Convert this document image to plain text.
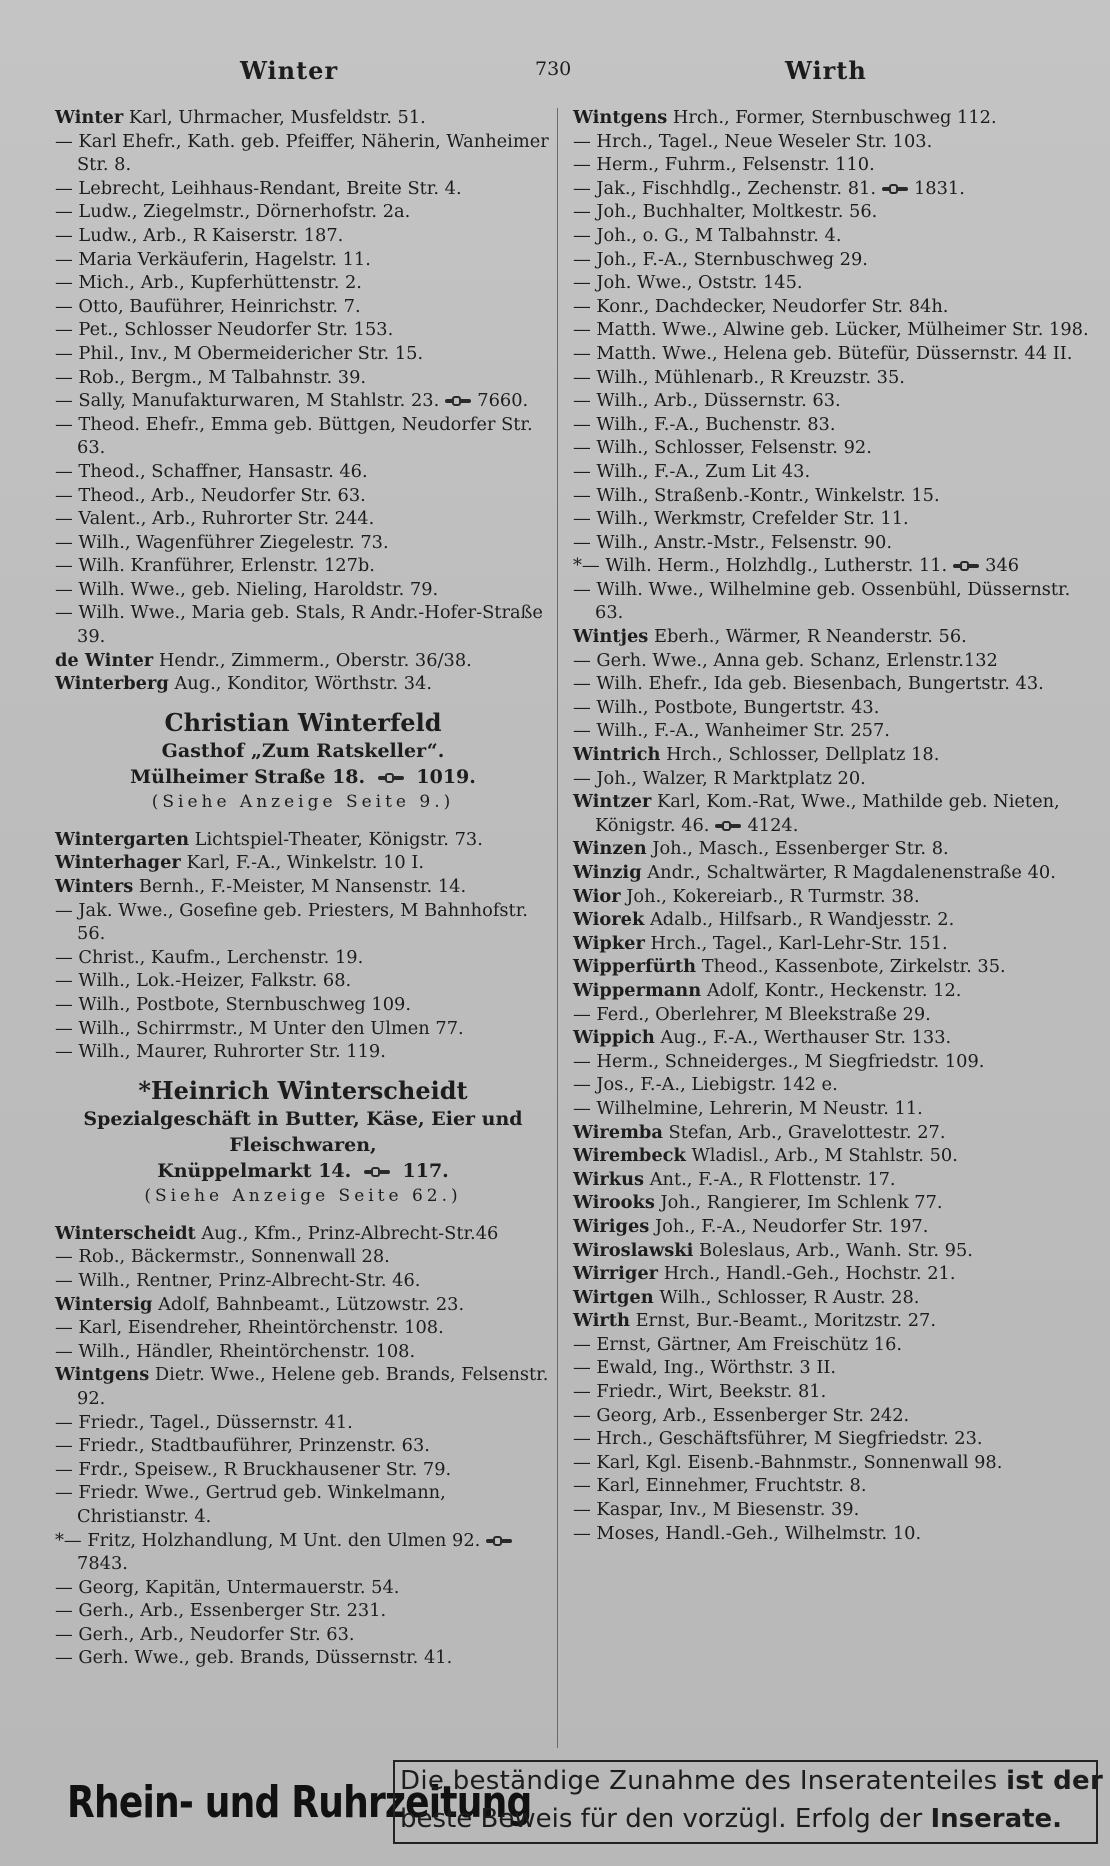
Winter	730	Wirth
Winter Karl, Uhrmacher, Musfeldstr. 51.
— Karl Ehefr., Kath. geb. Pfeiffer, Näherin, Wanheimer Str. 8.
— Lebrecht, Leihhaus-Rendant, Breite Str. 4.
— Ludw., Ziegelmstr., Dörnerhofstr. 2a.
— Ludw., Arb., R Kaiserstr. 187.
— Maria Verkäuferin, Hagelstr. 11.
— Mich., Arb., Kupferhüttenstr. 2.
— Otto, Bauführer, Heinrichstr. 7.
— Pet., Schlosser Neudorfer Str. 153.
— Phil., Inv., M Obermeidericher Str. 15.
— Rob., Bergm., M Talbahnstr. 39.
— Sally, Manufakturwaren, M Stahlstr. 23. 7660.
— Theod. Ehefr., Emma geb. Büttgen, Neudorfer Str. 63.
— Theod., Schaffner, Hansastr. 46.
— Theod., Arb., Neudorfer Str. 63.
— Valent., Arb., Ruhrorter Str. 244.
— Wilh., Wagenführer Ziegelestr. 73.
— Wilh. Kranführer, Erlenstr. 127b.
— Wilh. Wwe., geb. Nieling, Haroldstr. 79.
— Wilh. Wwe., Maria geb. Stals, R Andr.-Hofer-Straße 39.
de Winter Hendr., Zimmerm., Oberstr. 36/38.
Winterberg Aug., Konditor, Wörthstr. 34.
Christian Winterfeld
Gasthof „Zum Ratskeller“.
Mülheimer Straße 18.	1019.
(Siehe Anzeige Seite 9.)
Wintergarten Lichtspiel-Theater, Königstr. 73.
Winterhager Karl, F.-A., Winkelstr. 10 I.
Winters Bernh., F.-Meister, M Nansenstr. 14.
— Jak. Wwe., Gosefine geb. Priesters, M Bahnhofstr. 56.
— Christ., Kaufm., Lerchenstr. 19.
— Wilh., Lok.-Heizer, Falkstr. 68.
— Wilh., Postbote, Sternbuschweg 109.
— Wilh., Schirrmstr., M Unter den Ulmen 77.
— Wilh., Maurer, Ruhrorter Str. 119.
*Heinrich Winterscheidt
Spezialgeschäft in Butter, Käse, Eier und
Fleischwaren,
Knüppelmarkt 14.	117.
(Siehe Anzeige Seite 62.)
Winterscheidt Aug., Kfm., Prinz-Albrecht-Str.46
— Rob., Bäckermstr., Sonnenwall 28.
— Wilh., Rentner, Prinz-Albrecht-Str. 46.
Wintersig Adolf, Bahnbeamt., Lützowstr. 23.
— Karl, Eisendreher, Rheintörchenstr. 108.
— Wilh., Händler, Rheintörchenstr. 108.
Wintgens Dietr. Wwe., Helene geb. Brands, Felsenstr. 92.
— Friedr., Tagel., Düssernstr. 41.
— Friedr., Stadtbauführer, Prinzenstr. 63.
— Frdr., Speisew., R Bruckhausener Str. 79.
— Friedr. Wwe., Gertrud geb. Winkelmann, Christianstr. 4.
*— Fritz, Holzhandlung, M Unt. den Ulmen 92.7843.
— Georg, Kapitän, Untermauerstr. 54.
— Gerh., Arb., Essenberger Str. 231.
— Gerh., Arb., Neudorfer Str. 63.
— Gerh. Wwe., geb. Brands, Düssernstr. 41.
Wintgens Hrch., Former, Sternbuschweg 112.
— Hrch., Tagel., Neue Weseler Str. 103.
— Herm., Fuhrm., Felsenstr. 110.
— Jak., Fischhdlg., Zechenstr. 81. 1831.
— Joh., Buchhalter, Moltkestr. 56.
— Joh., o. G., M Talbahnstr. 4.
— Joh., F.-A., Sternbuschweg 29.
— Joh. Wwe., Oststr. 145.
— Konr., Dachdecker, Neudorfer Str. 84h.
— Matth. Wwe., Alwine geb. Lücker, Mülheimer Str. 198.
— Matth. Wwe., Helena geb. Bütefür, Düssernstr. 44 II.
— Wilh., Mühlenarb., R Kreuzstr. 35.
— Wilh., Arb., Düssernstr. 63.
— Wilh., F.-A., Buchenstr. 83.
— Wilh., Schlosser, Felsenstr. 92.
— Wilh., F.-A., Zum Lit 43.
— Wilh., Straßenb.-Kontr., Winkelstr. 15.
— Wilh., Werkmstr, Crefelder Str. 11.
— Wilh., Anstr.-Mstr., Felsenstr. 90.
*— Wilh. Herm., Holzhdlg., Lutherstr. 11. 346
— Wilh. Wwe., Wilhelmine geb. Ossenbühl, Düssernstr. 63.
Wintjes Eberh., Wärmer, R Neanderstr. 56.
— Gerh. Wwe., Anna geb. Schanz, Erlenstr.132
— Wilh. Ehefr., Ida geb. Biesenbach, Bungertstr. 43.
— Wilh., Postbote, Bungertstr. 43.
— Wilh., F.-A., Wanheimer Str. 257.
Wintrich Hrch., Schlosser, Dellplatz 18.
— Joh., Walzer, R Marktplatz 20.
Wintzer Karl, Kom.-Rat, Wwe., Mathilde geb. Nieten, Königstr. 46. 4124.
Winzen Joh., Masch., Essenberger Str. 8.
Winzig Andr., Schaltwärter, R Magdalenenstraße 40.
Wior Joh., Kokereiarb., R Turmstr. 38.
Wiorek Adalb., Hilfsarb., R Wandjesstr. 2.
Wipker Hrch., Tagel., Karl-Lehr-Str. 151.
Wipperfürth Theod., Kassenbote, Zirkelstr. 35.
Wippermann Adolf, Kontr., Heckenstr. 12.
— Ferd., Oberlehrer, M Bleekstraße 29.
Wippich Aug., F.-A., Werthauser Str. 133.
— Herm., Schneiderges., M Siegfriedstr. 109.
— Jos., F.-A., Liebigstr. 142 e.
— Wilhelmine, Lehrerin, M Neustr. 11.
Wiremba Stefan, Arb., Gravelottestr. 27.
Wirembeck Wladisl., Arb., M Stahlstr. 50.
Wirkus Ant., F.-A., R Flottenstr. 17.
Wirooks Joh., Rangierer, Im Schlenk 77.
Wiriges Joh., F.-A., Neudorfer Str. 197.
Wiroslawski Boleslaus, Arb., Wanh. Str. 95.
Wirriger Hrch., Handl.-Geh., Hochstr. 21.
Wirtgen Wilh., Schlosser, R Austr. 28.
Wirth Ernst, Bur.-Beamt., Moritzstr. 27.
— Ernst, Gärtner, Am Freischütz 16.
— Ewald, Ing., Wörthstr. 3 II.
— Friedr., Wirt, Beekstr. 81.
— Georg, Arb., Essenberger Str. 242.
— Hrch., Geschäftsführer, M Siegfriedstr. 23.
— Karl, Kgl. Eisenb.-Bahnmstr., Sonnenwall 98.
— Karl, Einnehmer, Fruchtstr. 8.
— Kaspar, Inv., M Biesenstr. 39.
— Moses, Handl.-Geh., Wilhelmstr. 10.
Rhein- und Ruhrzeitung
Die beständige Zunahme des Inseratenteiles ist der
beste Beweis für den vorzügl. Erfolg der Inserate.
